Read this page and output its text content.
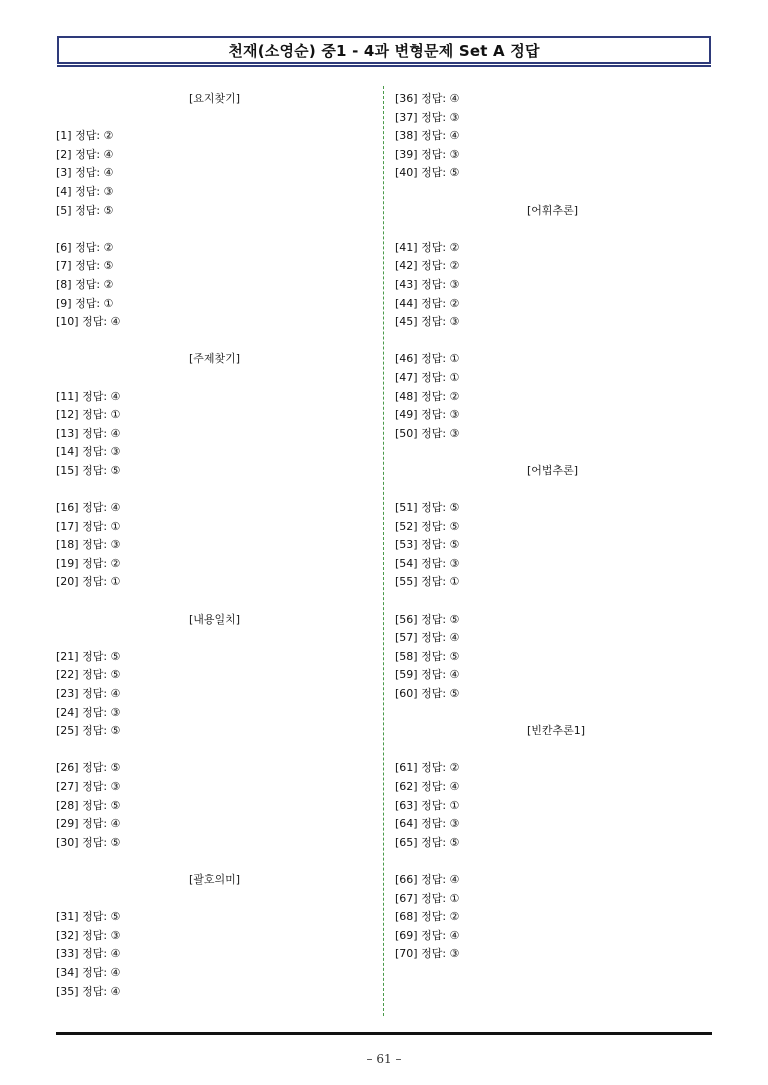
천재(소영순) 중1 - 4과 변형문제 Set A 정답
[요지찾기]
[1] 정답: ②
[2] 정답: ④
[3] 정답: ④
[4] 정답: ③
[5] 정답: ⑤
[6] 정답: ②
[7] 정답: ⑤
[8] 정답: ②
[9] 정답: ①
[10] 정답: ④
[주제찾기]
[11] 정답: ④
[12] 정답: ①
[13] 정답: ④
[14] 정답: ③
[15] 정답: ⑤
[16] 정답: ④
[17] 정답: ①
[18] 정답: ③
[19] 정답: ②
[20] 정답: ①
[내용일치]
[21] 정답: ⑤
[22] 정답: ⑤
[23] 정답: ④
[24] 정답: ③
[25] 정답: ⑤
[26] 정답: ⑤
[27] 정답: ③
[28] 정답: ⑤
[29] 정답: ④
[30] 정답: ⑤
[괄호의미]
[31] 정답: ⑤
[32] 정답: ③
[33] 정답: ④
[34] 정답: ④
[35] 정답: ④
[36] 정답: ④
[37] 정답: ③
[38] 정답: ④
[39] 정답: ③
[40] 정답: ⑤
[어휘추론]
[41] 정답: ②
[42] 정답: ②
[43] 정답: ③
[44] 정답: ②
[45] 정답: ③
[46] 정답: ①
[47] 정답: ①
[48] 정답: ②
[49] 정답: ③
[50] 정답: ③
[어법추론]
[51] 정답: ⑤
[52] 정답: ⑤
[53] 정답: ⑤
[54] 정답: ③
[55] 정답: ①
[56] 정답: ⑤
[57] 정답: ④
[58] 정답: ⑤
[59] 정답: ④
[60] 정답: ⑤
[빈칸추론1]
[61] 정답: ②
[62] 정답: ④
[63] 정답: ①
[64] 정답: ③
[65] 정답: ⑤
[66] 정답: ④
[67] 정답: ①
[68] 정답: ②
[69] 정답: ④
[70] 정답: ③
– 61 –
